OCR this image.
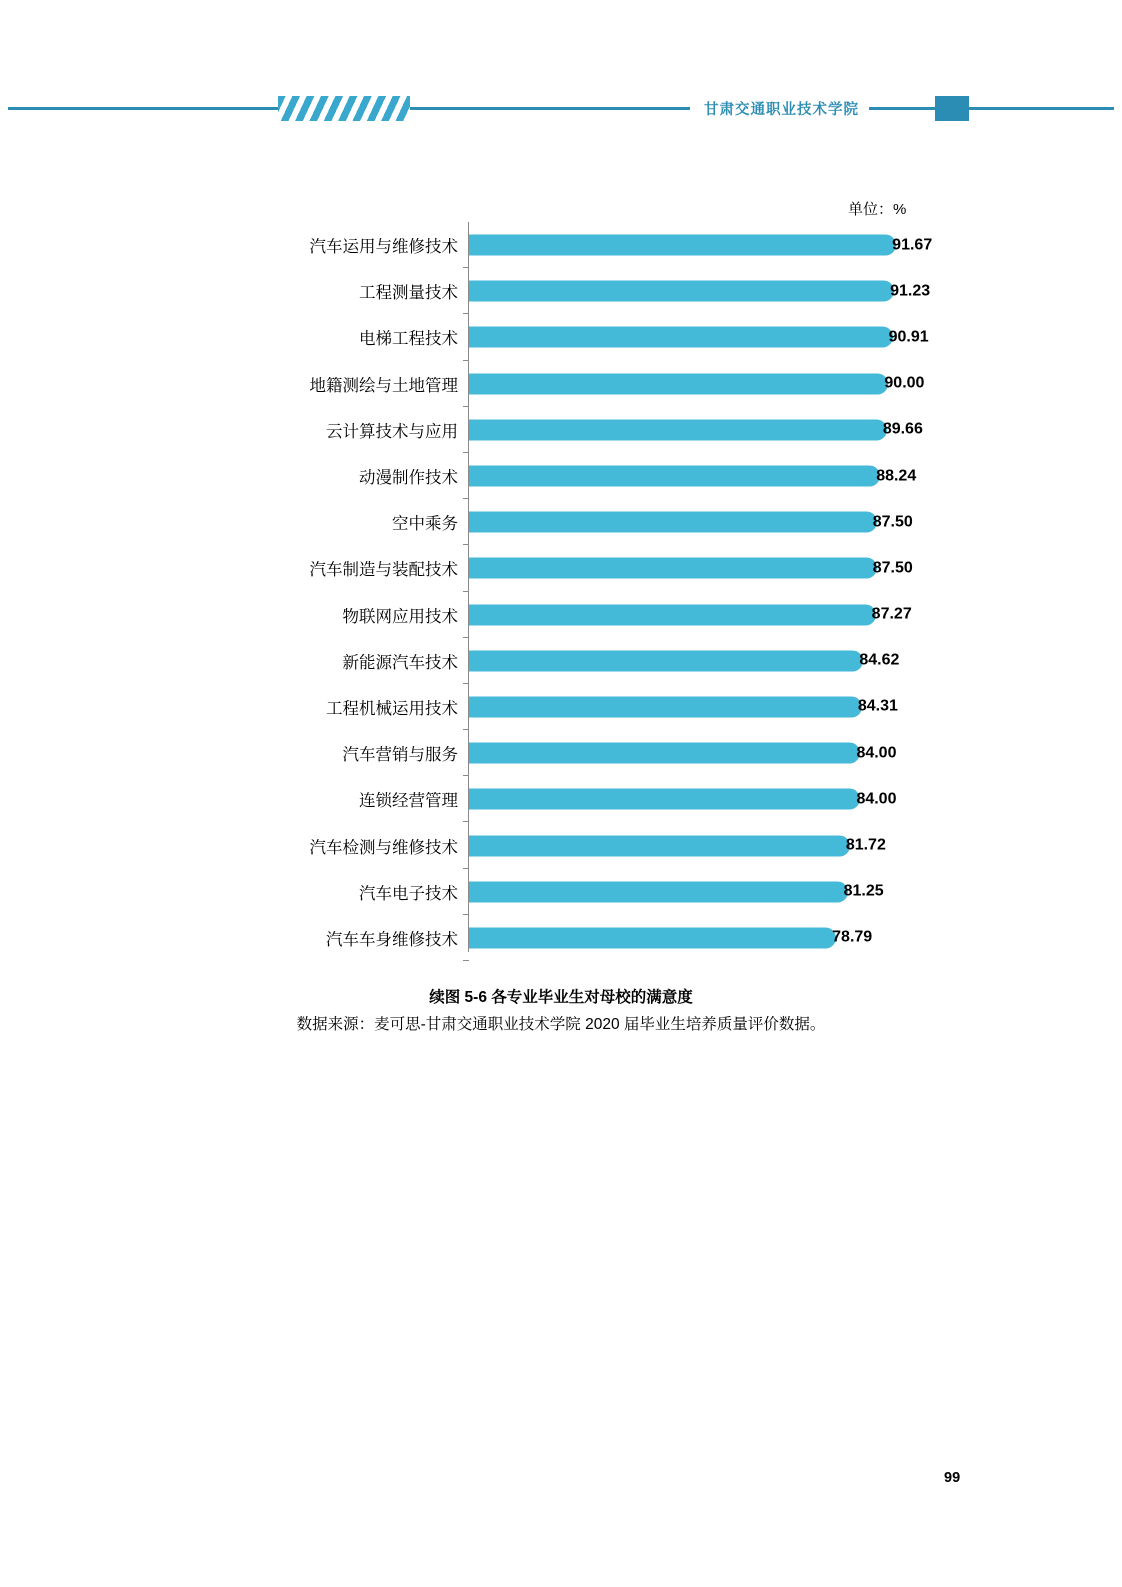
甘肃交通职业技术学院
单位：%
汽车运用与维修技术	91.67
工程测量技术	91.23
电梯工程技术	90.91
地籍测绘与土地管理	90.00
云计算技术与应用	89.66
动漫制作技术	88.24
空中乘务	87.50
汽车制造与装配技术	87.50
物联网应用技术	87.27
新能源汽车技术	84.62
工程机械运用技术	84.31
汽车营销与服务	84.00
连锁经营管理	84.00
汽车检测与维修技术	81.72
汽车电子技术	81.25
汽车车身维修技术	78.79
续图 5-6 各专业毕业生对母校的满意度
数据来源：麦可思-甘肃交通职业技术学院 2020 届毕业生培养质量评价数据。
99
